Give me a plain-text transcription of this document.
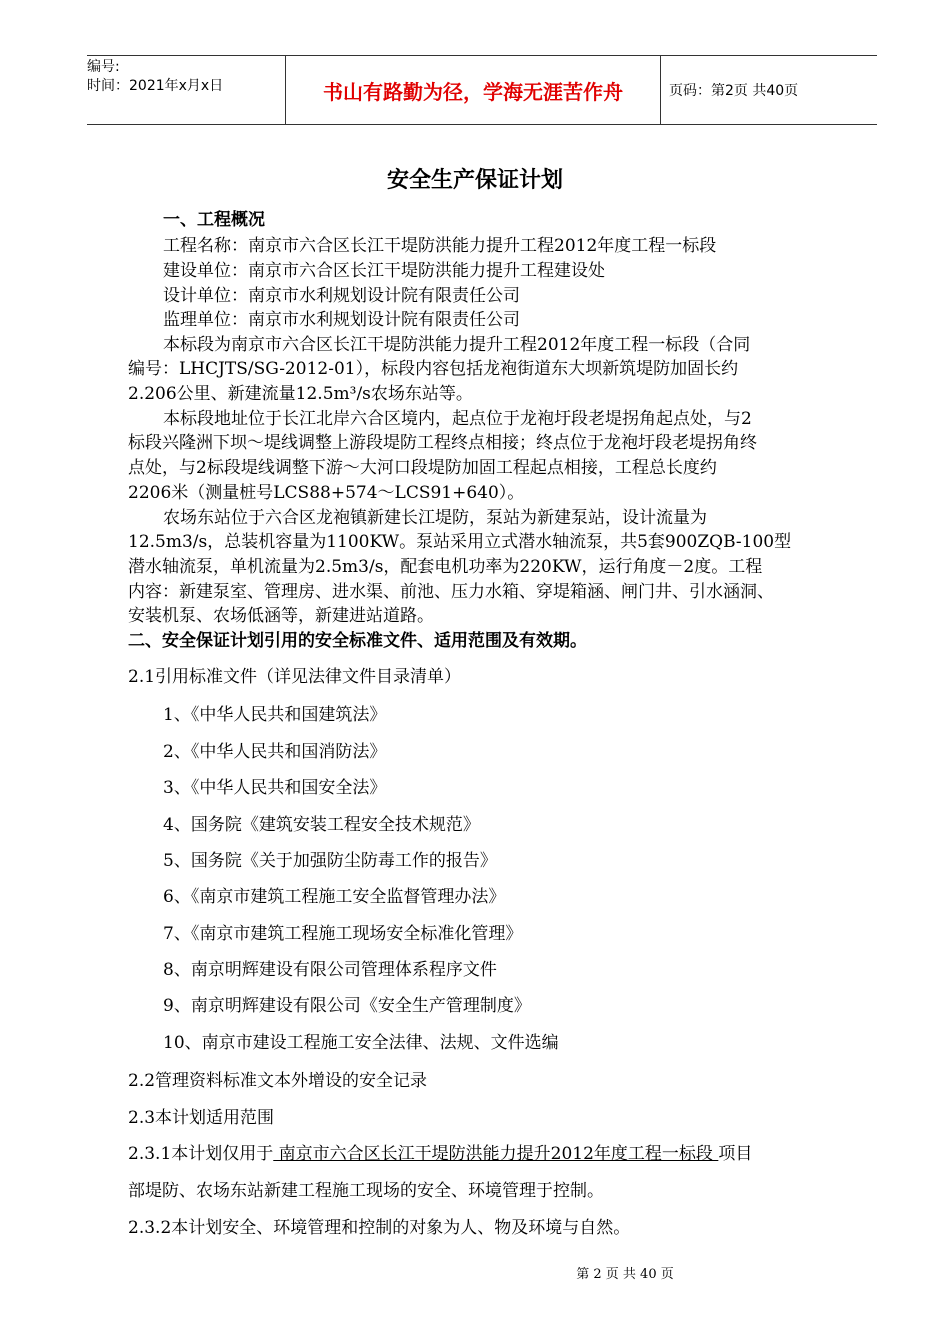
编号:
时间：2021年x月x日	书山有路勤为径，学海无涯苦作舟	页码：第2页 共40页
安全生产保证计划
一、工程概况
工程名称：南京市六合区长江干堤防洪能力提升工程2012年度工程一标段
建设单位：南京市六合区长江干堤防洪能力提升工程建设处
设计单位：南京市水利规划设计院有限责任公司
监理单位：南京市水利规划设计院有限责任公司
本标段为南京市六合区长江干堤防洪能力提升工程2012年度工程一标段（合同
编号：LHCJTS/SG-2012-01），标段内容包括龙袍街道东大坝新筑堤防加固长约
2.206公里、新建流量12.5m³/s农场东站等。
本标段地址位于长江北岸六合区境内，起点位于龙袍圩段老堤拐角起点处，与2
标段兴隆洲下坝～堤线调整上游段堤防工程终点相接；终点位于龙袍圩段老堤拐角终
点处，与2标段堤线调整下游～大河口段堤防加固工程起点相接，工程总长度约
2206米（测量桩号LCS88+574～LCS91+640）。
农场东站位于六合区龙袍镇新建长江堤防，泵站为新建泵站，设计流量为
12.5m3/s，总装机容量为1100KW。泵站采用立式潜水轴流泵，共5套900ZQB-100型
潜水轴流泵，单机流量为2.5m3/s，配套电机功率为220KW，运行角度－2度。工程
内容：新建泵室、管理房、进水渠、前池、压力水箱、穿堤箱涵、闸门井、引水涵洞、
安装机泵、农场低涵等，新建进站道路。
二、安全保证计划引用的安全标准文件、适用范围及有效期。
2.1引用标准文件（详见法律文件目录清单）
1、《中华人民共和国建筑法》
2、《中华人民共和国消防法》
3、《中华人民共和国安全法》
4、国务院《建筑安装工程安全技术规范》
5、国务院《关于加强防尘防毒工作的报告》
6、《南京市建筑工程施工安全监督管理办法》
7、《南京市建筑工程施工现场安全标准化管理》
8、南京明辉建设有限公司管理体系程序文件
9、南京明辉建设有限公司《安全生产管理制度》
10、南京市建设工程施工安全法律、法规、文件选编
2.2管理资料标准文本外增设的安全记录
2.3本计划适用范围
2.3.1本计划仅用于 南京市六合区长江干堤防洪能力提升2012年度工程一标段 项目
部堤防、农场东站新建工程施工现场的安全、环境管理于控制。
2.3.2本计划安全、环境管理和控制的对象为人、物及环境与自然。
第 2 页 共 40 页
